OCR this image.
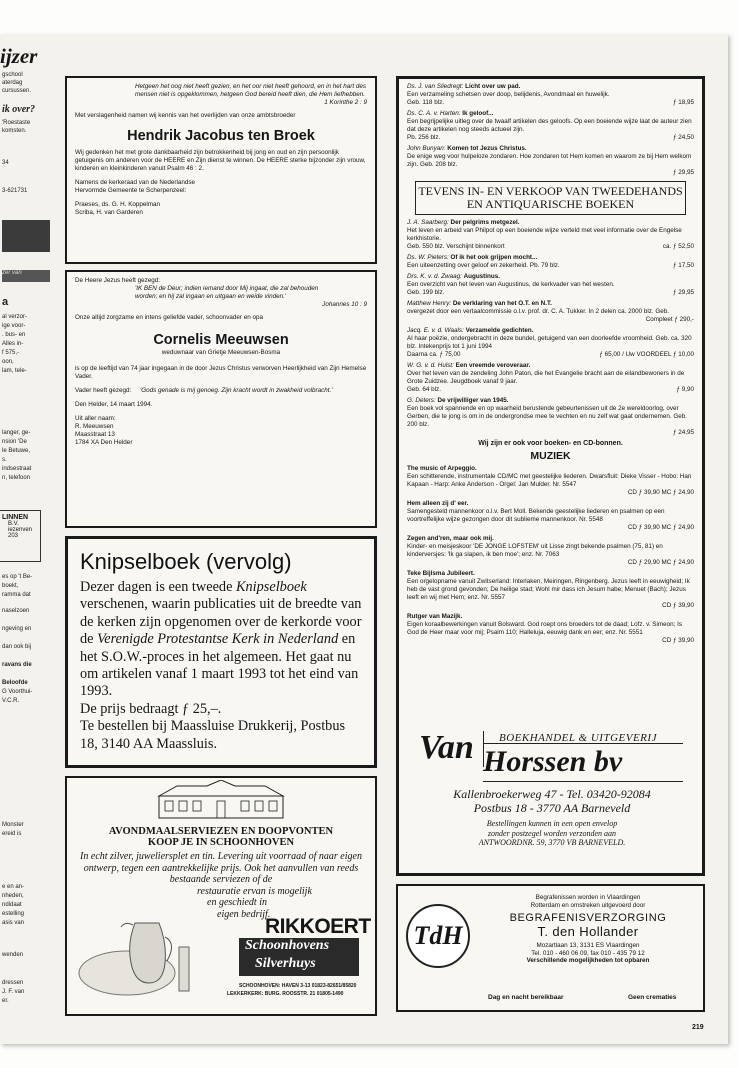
ijzer
gschool
aterdag
cursussen.
ik over?
'Roestaste
komsten.
34
3-621731
zer van
a
al verzor-
ige voor-
. bus- en
Alles in-
f 575,-
oon,
lam, tele-
langer, ge-
nsion 'De
le Betuwe,
s.
indsestraat
n, telefoon
LINNEN
B.V.
iezenven
203
es op 't Be-
boekt,
ramma dat
naselzoen
ngeving en
dan ook bij
ravans die
Beloofde
G Voorthui-
V.C.R.
Monster
ereid is
e en an-
nheden,
ndidaat
estelling
asis van
wenden
dressen
J. F. van
er.

Hetgeen het oog niet heeft gezien, en het oor niet heeft gehoord, en in het hart des mensen niet is opgeklommen, hetgeen God bereid heeft dien, die Hem liefhebben.

1 Korinthe 2 : 9

Met verslagenheid namen wij kennis van het overlijden van onze ambtsbroeder

Hendrik Jacobus ten Broek

Wij gedenken het met grote dankbaarheid zijn betrokkenheid bij jong en oud en zijn persoonlijk getuigenis om anderen voor de HEERE en Zijn dienst te winnen. De HEERE sterke bijzonder zijn vrouw, kinderen en kleinkinderen vanuit Psalm 46 : 2.

Namens de kerkeraad van de Nederlandse

Hervormde Gemeente te Scherpenzeel:

Praeses, ds. G. H. Koppelman

Scriba, H. van Garderen

De Heere Jezus heeft gezegd:

'IK BEN de Deur; indien iemand door Mij ingaat, die zal behouden worden; en hij zal ingaan en uitgaan en weide vinden.'

Johannes 10 : 9

Onze altijd zorgzame en intens geliefde vader, schoonvader en opa

Cornelis Meeuwsen

weduwnaar van Grietje Meeuwsen-Bosma

is op de leeftijd van 74 jaar ingegaan in de door Jezus Christus verworven Heerlijkheid van Zijn Hemelse Vader.

Vader heeft gezegd:	'Gods genade is mij genoeg. Zijn kracht wordt in zwakheid volbracht.'

Den Helder, 14 maart 1994.

Uit aller naam:

R. Meeuwsen

Maasstraat 13

1784 XA Den Helder

Knipselboek (vervolg)

Dezer dagen is een tweede Knipselboek verschenen, waarin publicaties uit de breedte van de kerken zijn opgenomen over de kerkorde voor de Verenigde Protestantse Kerk in Nederland en het S.O.W.-proces in het algemeen. Het gaat nu om artikelen vanaf 1 maart 1993 tot het eind van 1993.

De prijs bedraagt ƒ 25,–.

Te bestellen bij Maassluise Drukkerij, Postbus 18, 3140 AA Maassluis.

AVONDMAALSERVIEZEN EN DOOPVONTEN

KOOP JE IN SCHOONHOVEN

In echt zilver, juweliersplet en tin. Levering uit voorraad of naar eigen ontwerp, tegen een aantrekkelijke prijs. Ook het aanvullen van reeds bestaande serviezen of de

restauratie ervan is mogelijk

en geschiedt in

eigen bedrijf.

RIKKOERT
Schoonhovens
Silverhuys
SCHOONHOVEN: HAVEN 3-13 01823-82651/85820
LEKKERKERK: BURG. ROOSSTR. 21 01805-1490
Ds. J. van Sliedregt: Licht over uw pad.
Een verzameling schetsen over doop, belijdenis, Avondmaal en huwelijk.
Geb. 118 blz.	ƒ 18,95
Ds. C. A. v. Harten: Ik geloof...
Een begrijpelijke uitleg over de twaalf artikelen des geloofs. Op een boeiende wijze laat de auteur zien dat deze artikelen nog steeds actueel zijn.
Pb. 256 blz.	ƒ 24,50
John Bunyan: Komen tot Jezus Christus.
De enige weg voor hulpeloze zondaren. Hoe zondaren tot Hem komen en waarom ze bij Hem welkom zijn. Geb. 208 blz.
ƒ 29,95
TEVENS IN- EN VERKOOP VAN TWEEDEHANDS EN ANTIQUARISCHE BOEKEN
J. A. Saarberg: Der pelgrims metgezel.
Het leven en arbeid van Philpot op een boeiende wijze verteld met veel informatie over de Engelse kerkhistorie.
Geb. 550 blz. Verschijnt binnenkort	ca. ƒ 52,50
Ds. W. Pieters: Of ik het ook grijpen mocht...
Een uiteenzetting over geloof en zekerheid. Pb. 79 blz.	ƒ 17,50
Drs. K. v. d. Zwaag: Augustinus.
Een overzicht van het leven van Augustinus, de kerkvader van het westen.
Geb. 199 blz.	ƒ 29,95
Matthew Henry: De verklaring van het O.T. en N.T.
overgezet door een vertaalcommissie o.l.v. prof. dr. C. A. Tukker. In 2 delen ca. 2000 blz. Geb.
Compleet ƒ 290,-
Jacq. E. v. d. Waals: Verzamelde gedichten.
Al haar poëzie, ondergebracht in deze bundel, getuigend van een doorleefde vroomheid. Geb. ca. 320 blz. Intekenprijs tot 1 juni 1994
Daarna ca. ƒ 75,00	ƒ 65,00 / Uw VOORDEEL ƒ 10,00
W. G. v. d. Hulst: Een vreemde veroveraar.
Over het leven van de zendeling John Paton, die het Evangelie bracht aan de eilandbewoners in de Grote Zuidzee. Jeugdboek vanaf 9 jaar.
Geb. 64 blz.	ƒ 9,90
G. Deters: De vrijwilliger van 1945.
Een boek vol spannende en op waarheid berustende gebeurtenissen uit de 2e wereldoorlog, over Gerben, die te jong is om in de ondergrondse mee te vechten en nu zelf wat gaat ondernemen. Geb. 200 blz.
ƒ 24,95

Wij zijn er ook voor boeken- en CD-bonnen.

MUZIEK

The music of Arpeggio.
Een schitterende, instrumentale CD/MC met geestelijke liederen. Dwarsfluit: Dieke Visser - Hobo: Han Kapaan - Harp: Anke Anderson - Orgel: Jan Mulder. Nr. 5547
CD ƒ 39,90 MC ƒ 24,90
Hem alleen zij d' eer.
Samengesteld mannenkoor o.l.v. Bert Moll. Bekende geestelijke liederen en psalmen op een voortreffelijke wijze gezongen door dit sublieme mannenkoor. Nr. 5548
CD ƒ 39,90 MC ƒ 24,90
Zegen and'ren, maar ook mij.
Kinder- en meisjeskoor 'DE JONGE LOFSTEM' uit Lisse zingt bekende psalmen (75, 81) en kinderversjes: 'Ik ga slapen, ik ben moe'; enz. Nr. 7063
CD ƒ 29,90 MC ƒ 24,90
Teke Bijlsma Jubileert.
Een orgelopname vanuit Zwitserland: Interlaken, Meiringen, Ringenberg. Jezus leeft in eeuwigheid; Ik heb de vast grond gevonden; De heilige stad; Wohl mir dass ich Jesum habe; Menuet (Bach); Jezus leeft en wij met Hem; enz. Nr. 5557
CD ƒ 39,90
Rutger van Mazijk.
Eigen koraalbewerkingen vanuit Bolsward. God roept ons broeders tot de daad; Lofz. v. Simeon; Is God de Heer maar voor mij; Psalm 110; Halleluja, eeuwig dank en eer; enz. Nr. 5551
CD ƒ 39,90
Van BOEKHANDEL & UITGEVERIJ
Horssen bv
Kallenbroekerweg 47 - Tel. 03420-92084
Postbus 18 - 3770 AA Barneveld
Bestellingen kunnen in een open envelop
zonder postzegel worden verzonden aan
ANTWOORDNR. 59, 3770 VB BARNEVELD.
TdH

Begrafenissen worden in Vlaardingen

Rotterdam en omstreken uitgevoerd door

BEGRAFENISVERZORGING

T. den Hollander

Mozartlaan 13, 3131 ES Vlaardingen

Tel. 010 - 460 06 09, fax 010 - 435 79 12

Verschillende mogelijkheden tot opbaren

Dag en nacht bereikbaar	Geen crematies
219
